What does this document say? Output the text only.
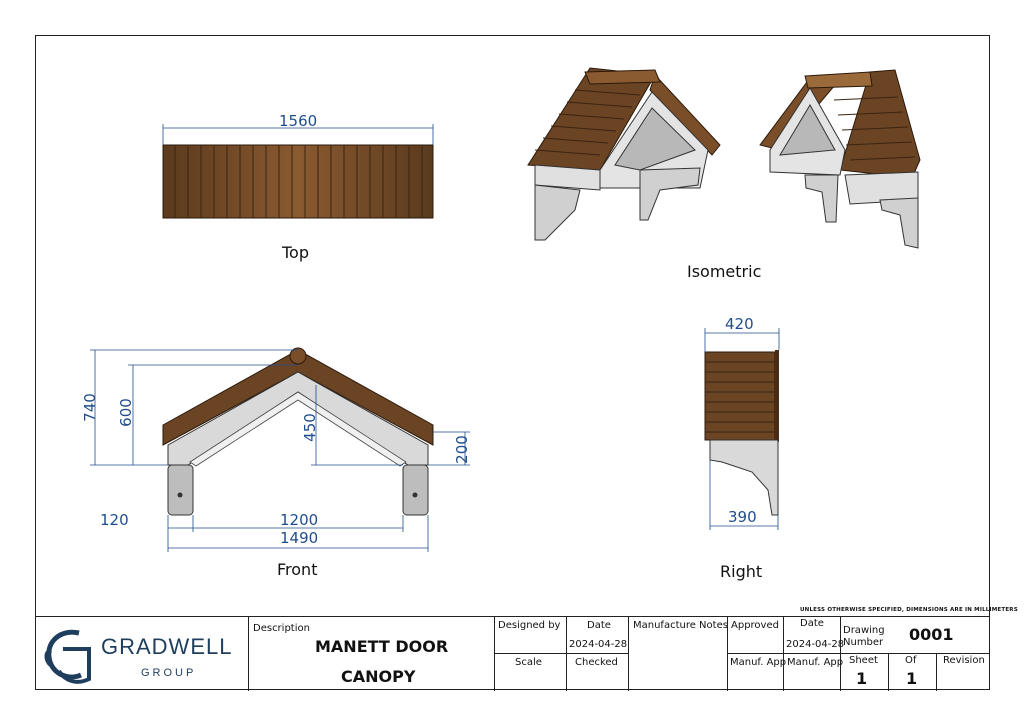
Top
Isometric
Front	Right
1560
740 600
450
200
120	1200
1490
420
390
UNLESS OTHERWISE SPECIFIED, DIMENSIONS ARE IN MILLIMETERS
GRADWELL
GROUP
Description
MANETT DOOR
CANOPY
Designed by
Scale
Date
2024-04-28
Checked
Manufacture Notes Approved
Manuf. App
Date
2024-04-28
Manuf. App
Drawing Number 0001
Sheet
1
Of
1
Revision
